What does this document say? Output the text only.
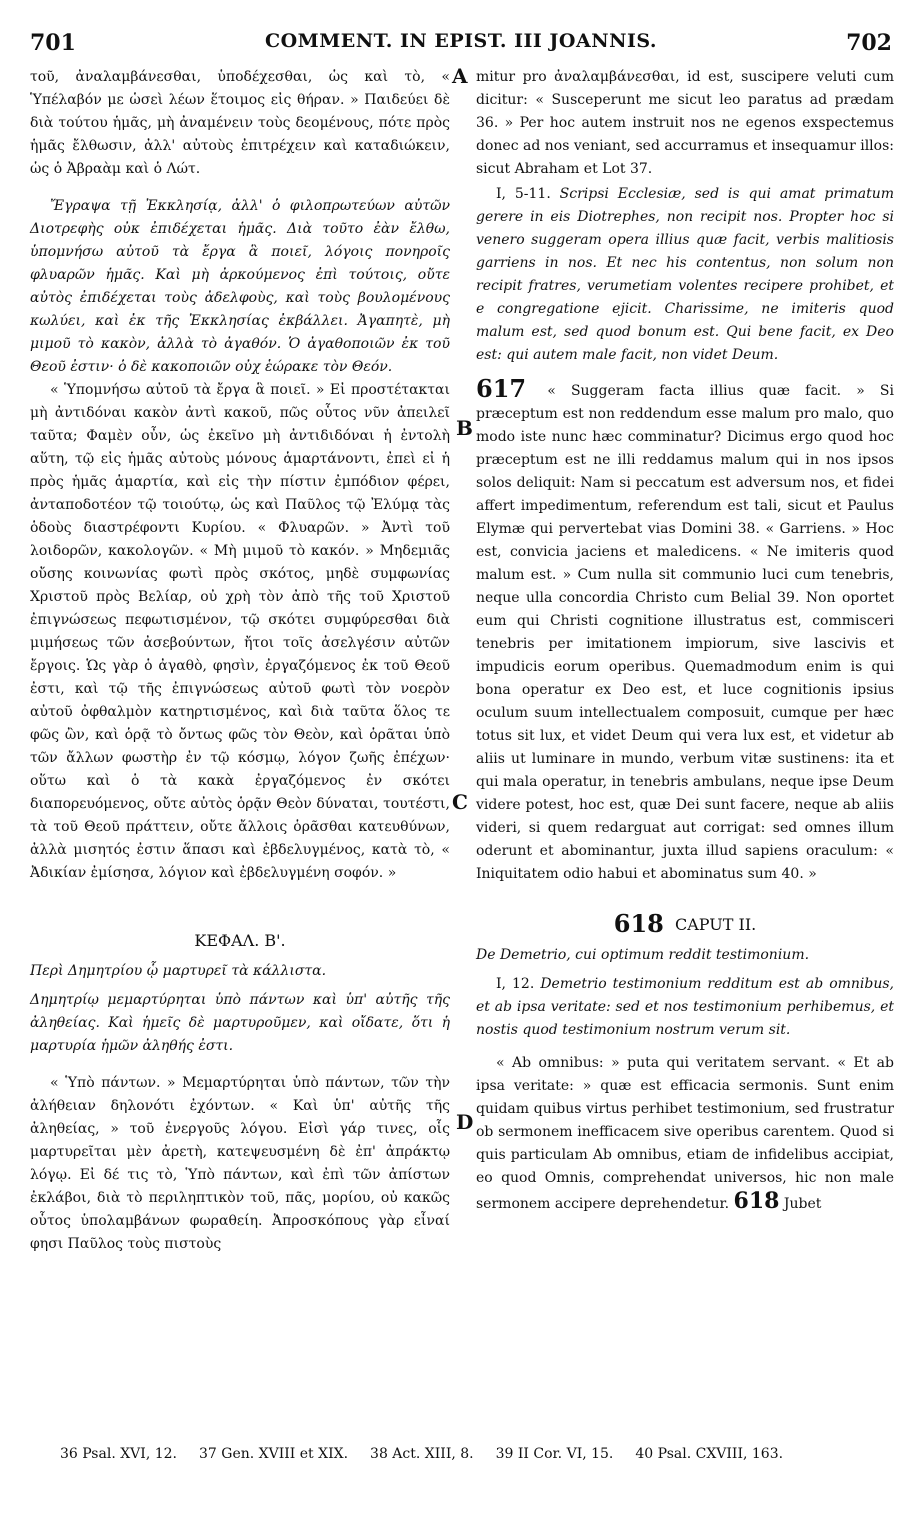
701	COMMENT. IN EPIST. III JOANNIS.	702
A
B
C
D

τοῦ, ἀναλαμβάνεσθαι, ὑποδέχεσθαι, ὡς καὶ τὸ, « Ὑπέλαβόν με ὡσεὶ λέων ἕτοιμος εἰς θήραν. » Παιδεύει δὲ διὰ τούτου ἡμᾶς, μὴ ἀναμένειν τοὺς δεομένους, πότε πρὸς ἡμᾶς ἔλθωσιν, ἀλλ' αὐτοὺς ἐπιτρέχειν καὶ καταδιώκειν, ὡς ὁ Ἀβραὰμ καὶ ὁ Λώτ.

Ἔγραψα τῇ Ἐκκλησίᾳ, ἀλλ' ὁ φιλοπρωτεύων αὐτῶν Διοτρεφὴς οὐκ ἐπιδέχεται ἡμᾶς. Διὰ τοῦτο ἐὰν ἔλθω, ὑπομνήσω αὐτοῦ τὰ ἔργα ἃ ποιεῖ, λόγοις πονηροῖς φλυαρῶν ἡμᾶς. Καὶ μὴ ἀρκούμενος ἐπὶ τούτοις, οὔτε αὐτὸς ἐπιδέχεται τοὺς ἀδελφοὺς, καὶ τοὺς βουλομένους κωλύει, καὶ ἐκ τῆς Ἐκκλησίας ἐκβάλλει. Ἀγαπητὲ, μὴ μιμοῦ τὸ κακὸν, ἀλλὰ τὸ ἀγαθόν. Ὁ ἀγαθοποιῶν ἐκ τοῦ Θεοῦ ἐστιν· ὁ δὲ κακοποιῶν οὐχ ἑώρακε τὸν Θεόν.

« Ὑπομνήσω αὐτοῦ τὰ ἔργα ἃ ποιεῖ. » Εἰ προστέτακται μὴ ἀντιδόναι κακὸν ἀντὶ κακοῦ, πῶς οὗτος νῦν ἀπειλεῖ ταῦτα; Φαμὲν οὖν, ὡς ἐκεῖνο μὴ ἀντιδιδόναι ἡ ἐντολὴ αὕτη, τῷ εἰς ἡμᾶς αὐτοὺς μόνους ἁμαρτάνοντι, ἐπεὶ εἰ ἡ πρὸς ἡμᾶς ἁμαρτία, καὶ εἰς τὴν πίστιν ἐμπόδιον φέρει, ἀνταποδοτέον τῷ τοιούτῳ, ὡς καὶ Παῦλος τῷ Ἐλύμᾳ τὰς ὁδοὺς διαστρέφοντι Κυρίου. « Φλυαρῶν. » Ἀντὶ τοῦ λοιδορῶν, κακολογῶν. « Μὴ μιμοῦ τὸ κακόν. » Μηδεμιᾶς οὔσης κοινωνίας φωτὶ πρὸς σκότος, μηδὲ συμφωνίας Χριστοῦ πρὸς Βελίαρ, οὐ χρὴ τὸν ἀπὸ τῆς τοῦ Χριστοῦ ἐπιγνώσεως πεφωτισμένον, τῷ σκότει συμφύρεσθαι διὰ μιμήσεως τῶν ἀσεβούντων, ἤτοι τοῖς ἀσελγέσιν αὐτῶν ἔργοις. Ὡς γὰρ ὁ ἀγαθὸ, φησὶν, ἐργαζόμενος ἐκ τοῦ Θεοῦ ἐστι, καὶ τῷ τῆς ἐπιγνώσεως αὐτοῦ φωτὶ τὸν νοερὸν αὐτοῦ ὀφθαλμὸν κατηρτισμένος, καὶ διὰ ταῦτα ὅλος τε φῶς ὢν, καὶ ὁρᾷ τὸ ὄντως φῶς τὸν Θεὸν, καὶ ὁρᾶται ὑπὸ τῶν ἄλλων φωστὴρ ἐν τῷ κόσμῳ, λόγον ζωῆς ἐπέχων· οὕτω καὶ ὁ τὰ κακὰ ἐργαζόμενος ἐν σκότει διαπορευόμενος, οὔτε αὐτὸς ὁρᾷν Θεὸν δύναται, τουτέστι, τὰ τοῦ Θεοῦ πράττειν, οὔτε ἄλλοις ὁρᾶσθαι κατευθύνων, ἀλλὰ μισητός ἐστιν ἅπασι καὶ ἐβδελυγμένος, κατὰ τὸ, « Ἀδικίαν ἐμίσησα, λόγιον καὶ ἐβδελυγμένη σοφόν. »

ΚΕΦΑΛ. Β'.

Περὶ Δημητρίου ᾧ μαρτυρεῖ τὰ κάλλιστα.

Δημητρίῳ μεμαρτύρηται ὑπὸ πάντων καὶ ὑπ' αὐτῆς τῆς ἀληθείας. Καὶ ἡμεῖς δὲ μαρτυροῦμεν, καὶ οἴδατε, ὅτι ἡ μαρτυρία ἡμῶν ἀληθής ἐστι.

« Ὑπὸ πάντων. » Μεμαρτύρηται ὑπὸ πάντων, τῶν τὴν ἀλήθειαν δηλονότι ἐχόντων. « Καὶ ὑπ' αὐτῆς τῆς ἀληθείας, » τοῦ ἐνεργοῦς λόγου. Εἰσὶ γάρ τινες, οἷς μαρτυρεῖται μὲν ἀρετὴ, κατεψευσμένη δὲ ἐπ' ἀπράκτῳ λόγῳ. Εἰ δέ τις τὸ, Ὑπὸ πάντων, καὶ ἐπὶ τῶν ἀπίστων ἐκλάβοι, διὰ τὸ περιληπτικὸν τοῦ, πᾶς, μορίου, οὐ κακῶς οὗτος ὑπολαμβάνων φωραθείη. Ἀπροσκόπους γὰρ εἶναί φησι Παῦλος τοὺς πιστοὺς

mitur pro ἀναλαμβάνεσθαι, id est, suscipere veluti cum dicitur: « Susceperunt me sicut leo paratus ad prædam 36. » Per hoc autem instruit nos ne egenos exspectemus donec ad nos veniant, sed accurramus et insequamur illos: sicut Abraham et Lot 37.

I, 5-11. Scripsi Ecclesiæ, sed is qui amat primatum gerere in eis Diotrephes, non recipit nos. Propter hoc si venero suggeram opera illius quæ facit, verbis malitiosis garriens in nos. Et nec his contentus, non solum non recipit fratres, verumetiam volentes recipere prohibet, et e congregatione ejicit. Charissime, ne imiteris quod malum est, sed quod bonum est. Qui bene facit, ex Deo est: qui autem male facit, non videt Deum.

617 « Suggeram facta illius quæ facit. » Si præceptum est non reddendum esse malum pro malo, quo modo iste nunc hæc comminatur? Dicimus ergo quod hoc præceptum est ne illi reddamus malum qui in nos ipsos solos deliquit: Nam si peccatum est adversum nos, et fidei affert impedimentum, referendum est tali, sicut et Paulus Elymæ qui pervertebat vias Domini 38. « Garriens. » Hoc est, convicia jaciens et maledicens. « Ne imiteris quod malum est. » Cum nulla sit communio luci cum tenebris, neque ulla concordia Christo cum Belial 39. Non oportet eum qui Christi cognitione illustratus est, commisceri tenebris per imitationem impiorum, sive lascivis et impudicis eorum operibus. Quemadmodum enim is qui bona operatur ex Deo est, et luce cognitionis ipsius oculum suum intellectualem composuit, cumque per hæc totus sit lux, et videt Deum qui vera lux est, et videtur ab aliis ut luminare in mundo, verbum vitæ sustinens: ita et qui mala operatur, in tenebris ambulans, neque ipse Deum videre potest, hoc est, quæ Dei sunt facere, neque ab aliis videri, si quem redarguat aut corrigat: sed omnes illum oderunt et abominantur, juxta illud sapiens oraculum: « Iniquitatem odio habui et abominatus sum 40. »

618 CAPUT II.

De Demetrio, cui optimum reddit testimonium.

I, 12. Demetrio testimonium redditum est ab omnibus, et ab ipsa veritate: sed et nos testimonium perhibemus, et nostis quod testimonium nostrum verum sit.

« Ab omnibus: » puta qui veritatem servant. « Et ab ipsa veritate: » quæ est efficacia sermonis. Sunt enim quidam quibus virtus perhibet testimonium, sed frustratur ob sermonem inefficacem sive operibus carentem. Quod si quis particulam Ab omnibus, etiam de infidelibus accipiat, eo quod Omnis, comprehendat universos, hic non male sermonem accipere deprehendetur. 618 Jubet

36 Psal. XVI, 12. 37 Gen. XVIII et XIX. 38 Act. XIII, 8. 39 II Cor. VI, 15. 40 Psal. CXVIII, 163.
